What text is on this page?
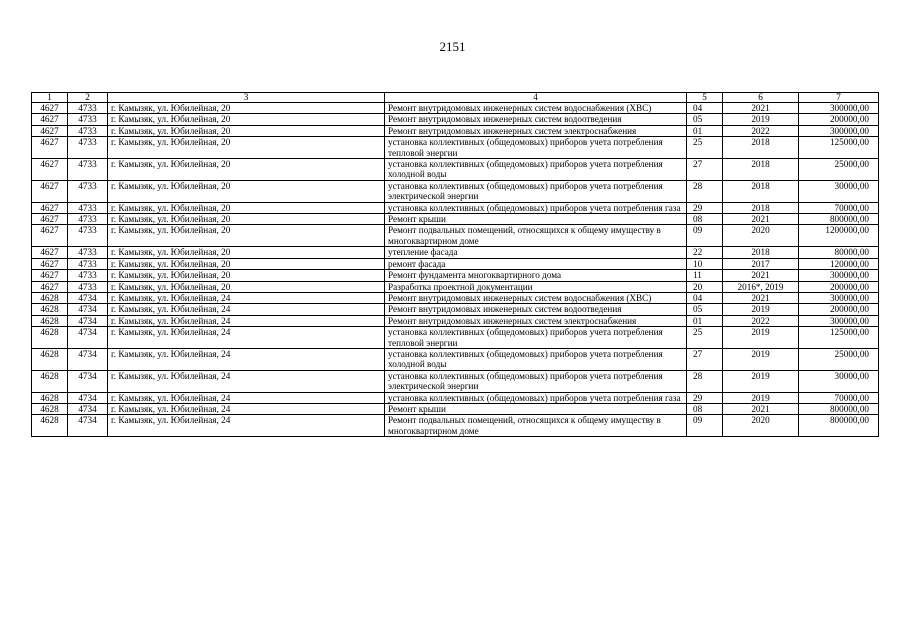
2151
1	2	3	4	5	6	7
4627	4733	г. Камызяк, ул. Юбилейная, 20	Ремонт внутридомовых инженерных систем водоснабжения (ХВС)	04	2021	300000,00
4627	4733	г. Камызяк, ул. Юбилейная, 20	Ремонт внутридомовых инженерных систем водоотведения	05	2019	200000,00
4627	4733	г. Камызяк, ул. Юбилейная, 20	Ремонт внутридомовых инженерных систем электроснабжения	01	2022	300000,00
4627	4733	г. Камызяк, ул. Юбилейная, 20	установка коллективных (общедомовых) приборов учета потребления тепловой энергии	25	2018	125000,00
4627	4733	г. Камызяк, ул. Юбилейная, 20	установка коллективных (общедомовых) приборов учета потребления холодной воды	27	2018	25000,00
4627	4733	г. Камызяк, ул. Юбилейная, 20	установка коллективных (общедомовых) приборов учета потребления электрической энергии	28	2018	30000,00
4627	4733	г. Камызяк, ул. Юбилейная, 20	установка коллективных (общедомовых) приборов учета потребления газа	29	2018	70000,00
4627	4733	г. Камызяк, ул. Юбилейная, 20	Ремонт крыши	08	2021	800000,00
4627	4733	г. Камызяк, ул. Юбилейная, 20	Ремонт подвальных помещений, относящихся к общему имуществу в многоквартирном доме	09	2020	1200000,00
4627	4733	г. Камызяк, ул. Юбилейная, 20	утепление фасада	22	2018	80000,00
4627	4733	г. Камызяк, ул. Юбилейная, 20	ремонт фасада	10	2017	120000,00
4627	4733	г. Камызяк, ул. Юбилейная, 20	Ремонт фундамента многоквартирного дома	11	2021	300000,00
4627	4733	г. Камызяк, ул. Юбилейная, 20	Разработка проектной документации	20	2016*, 2019	200000,00
4628	4734	г. Камызяк, ул. Юбилейная, 24	Ремонт внутридомовых инженерных систем водоснабжения (ХВС)	04	2021	300000,00
4628	4734	г. Камызяк, ул. Юбилейная, 24	Ремонт внутридомовых инженерных систем водоотведения	05	2019	200000,00
4628	4734	г. Камызяк, ул. Юбилейная, 24	Ремонт внутридомовых инженерных систем электроснабжения	01	2022	300000,00
4628	4734	г. Камызяк, ул. Юбилейная, 24	установка коллективных (общедомовых) приборов учета потребления тепловой энергии	25	2019	125000,00
4628	4734	г. Камызяк, ул. Юбилейная, 24	установка коллективных (общедомовых) приборов учета потребления холодной воды	27	2019	25000,00
4628	4734	г. Камызяк, ул. Юбилейная, 24	установка коллективных (общедомовых) приборов учета потребления электрической энергии	28	2019	30000,00
4628	4734	г. Камызяк, ул. Юбилейная, 24	установка коллективных (общедомовых) приборов учета потребления газа	29	2019	70000,00
4628	4734	г. Камызяк, ул. Юбилейная, 24	Ремонт крыши	08	2021	800000,00
4628	4734	г. Камызяк, ул. Юбилейная, 24	Ремонт подвальных помещений, относящихся к общему имуществу в многоквартирном доме	09	2020	800000,00
